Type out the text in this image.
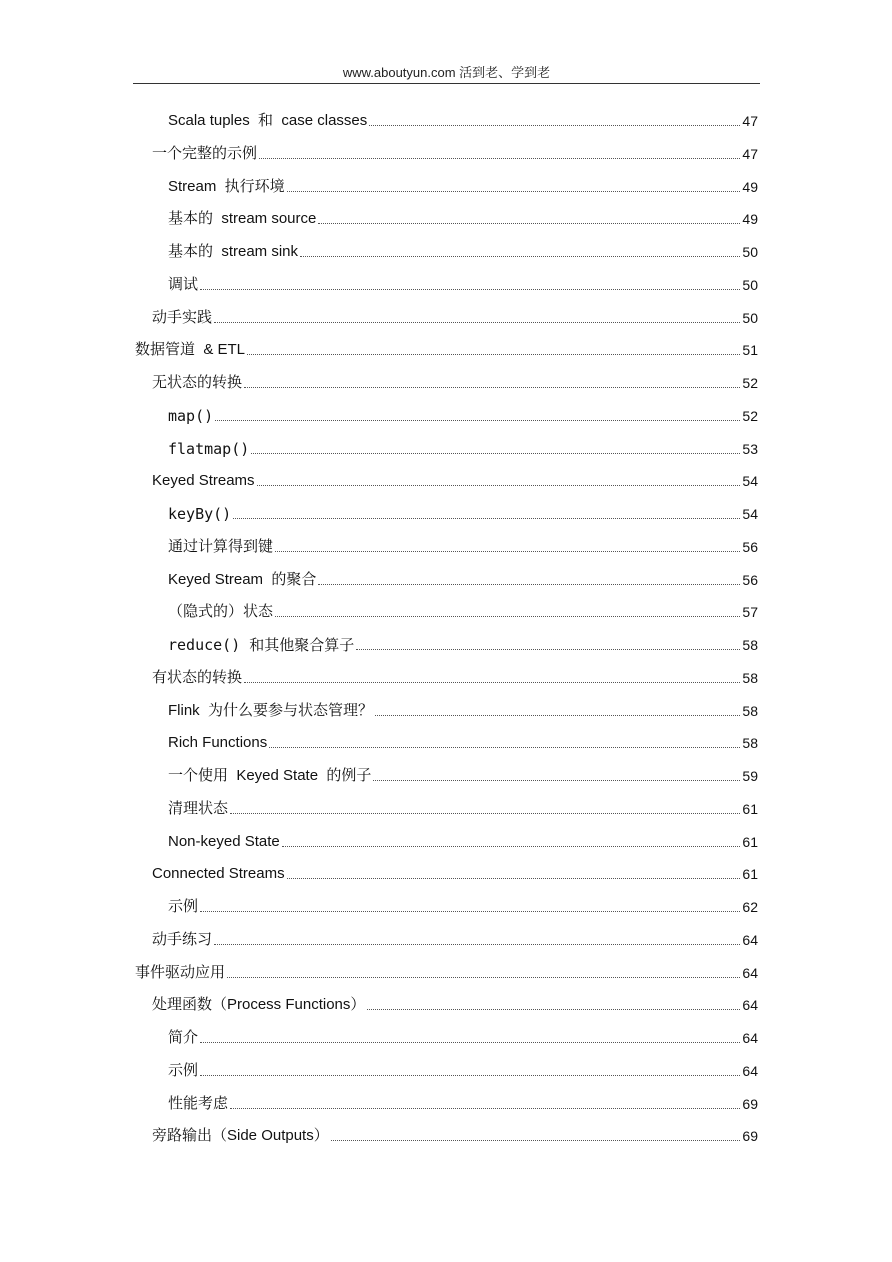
www.aboutyun.com 活到老、学到老
Scala tuples  和  case classes	47
一个完整的示例	47
Stream  执行环境	49
基本的  stream source	49
基本的  stream sink	50
调试	50
动手实践	50
数据管道  & ETL	51
无状态的转换	52
map()	52
flatmap()	53
Keyed Streams	54
keyBy()	54
通过计算得到键	56
Keyed Stream  的聚合	56
（隐式的）状态	57
reduce() 和其他聚合算子	58
有状态的转换	58
Flink  为什么要参与状态管理？	58
Rich Functions	58
一个使用  Keyed State  的例子	59
清理状态	61
Non-keyed State	61
Connected Streams	61
示例	62
动手练习	64
事件驱动应用	64
处理函数（Process Functions）	64
简介	64
示例	64
性能考虑	69
旁路输出（Side Outputs）	69
